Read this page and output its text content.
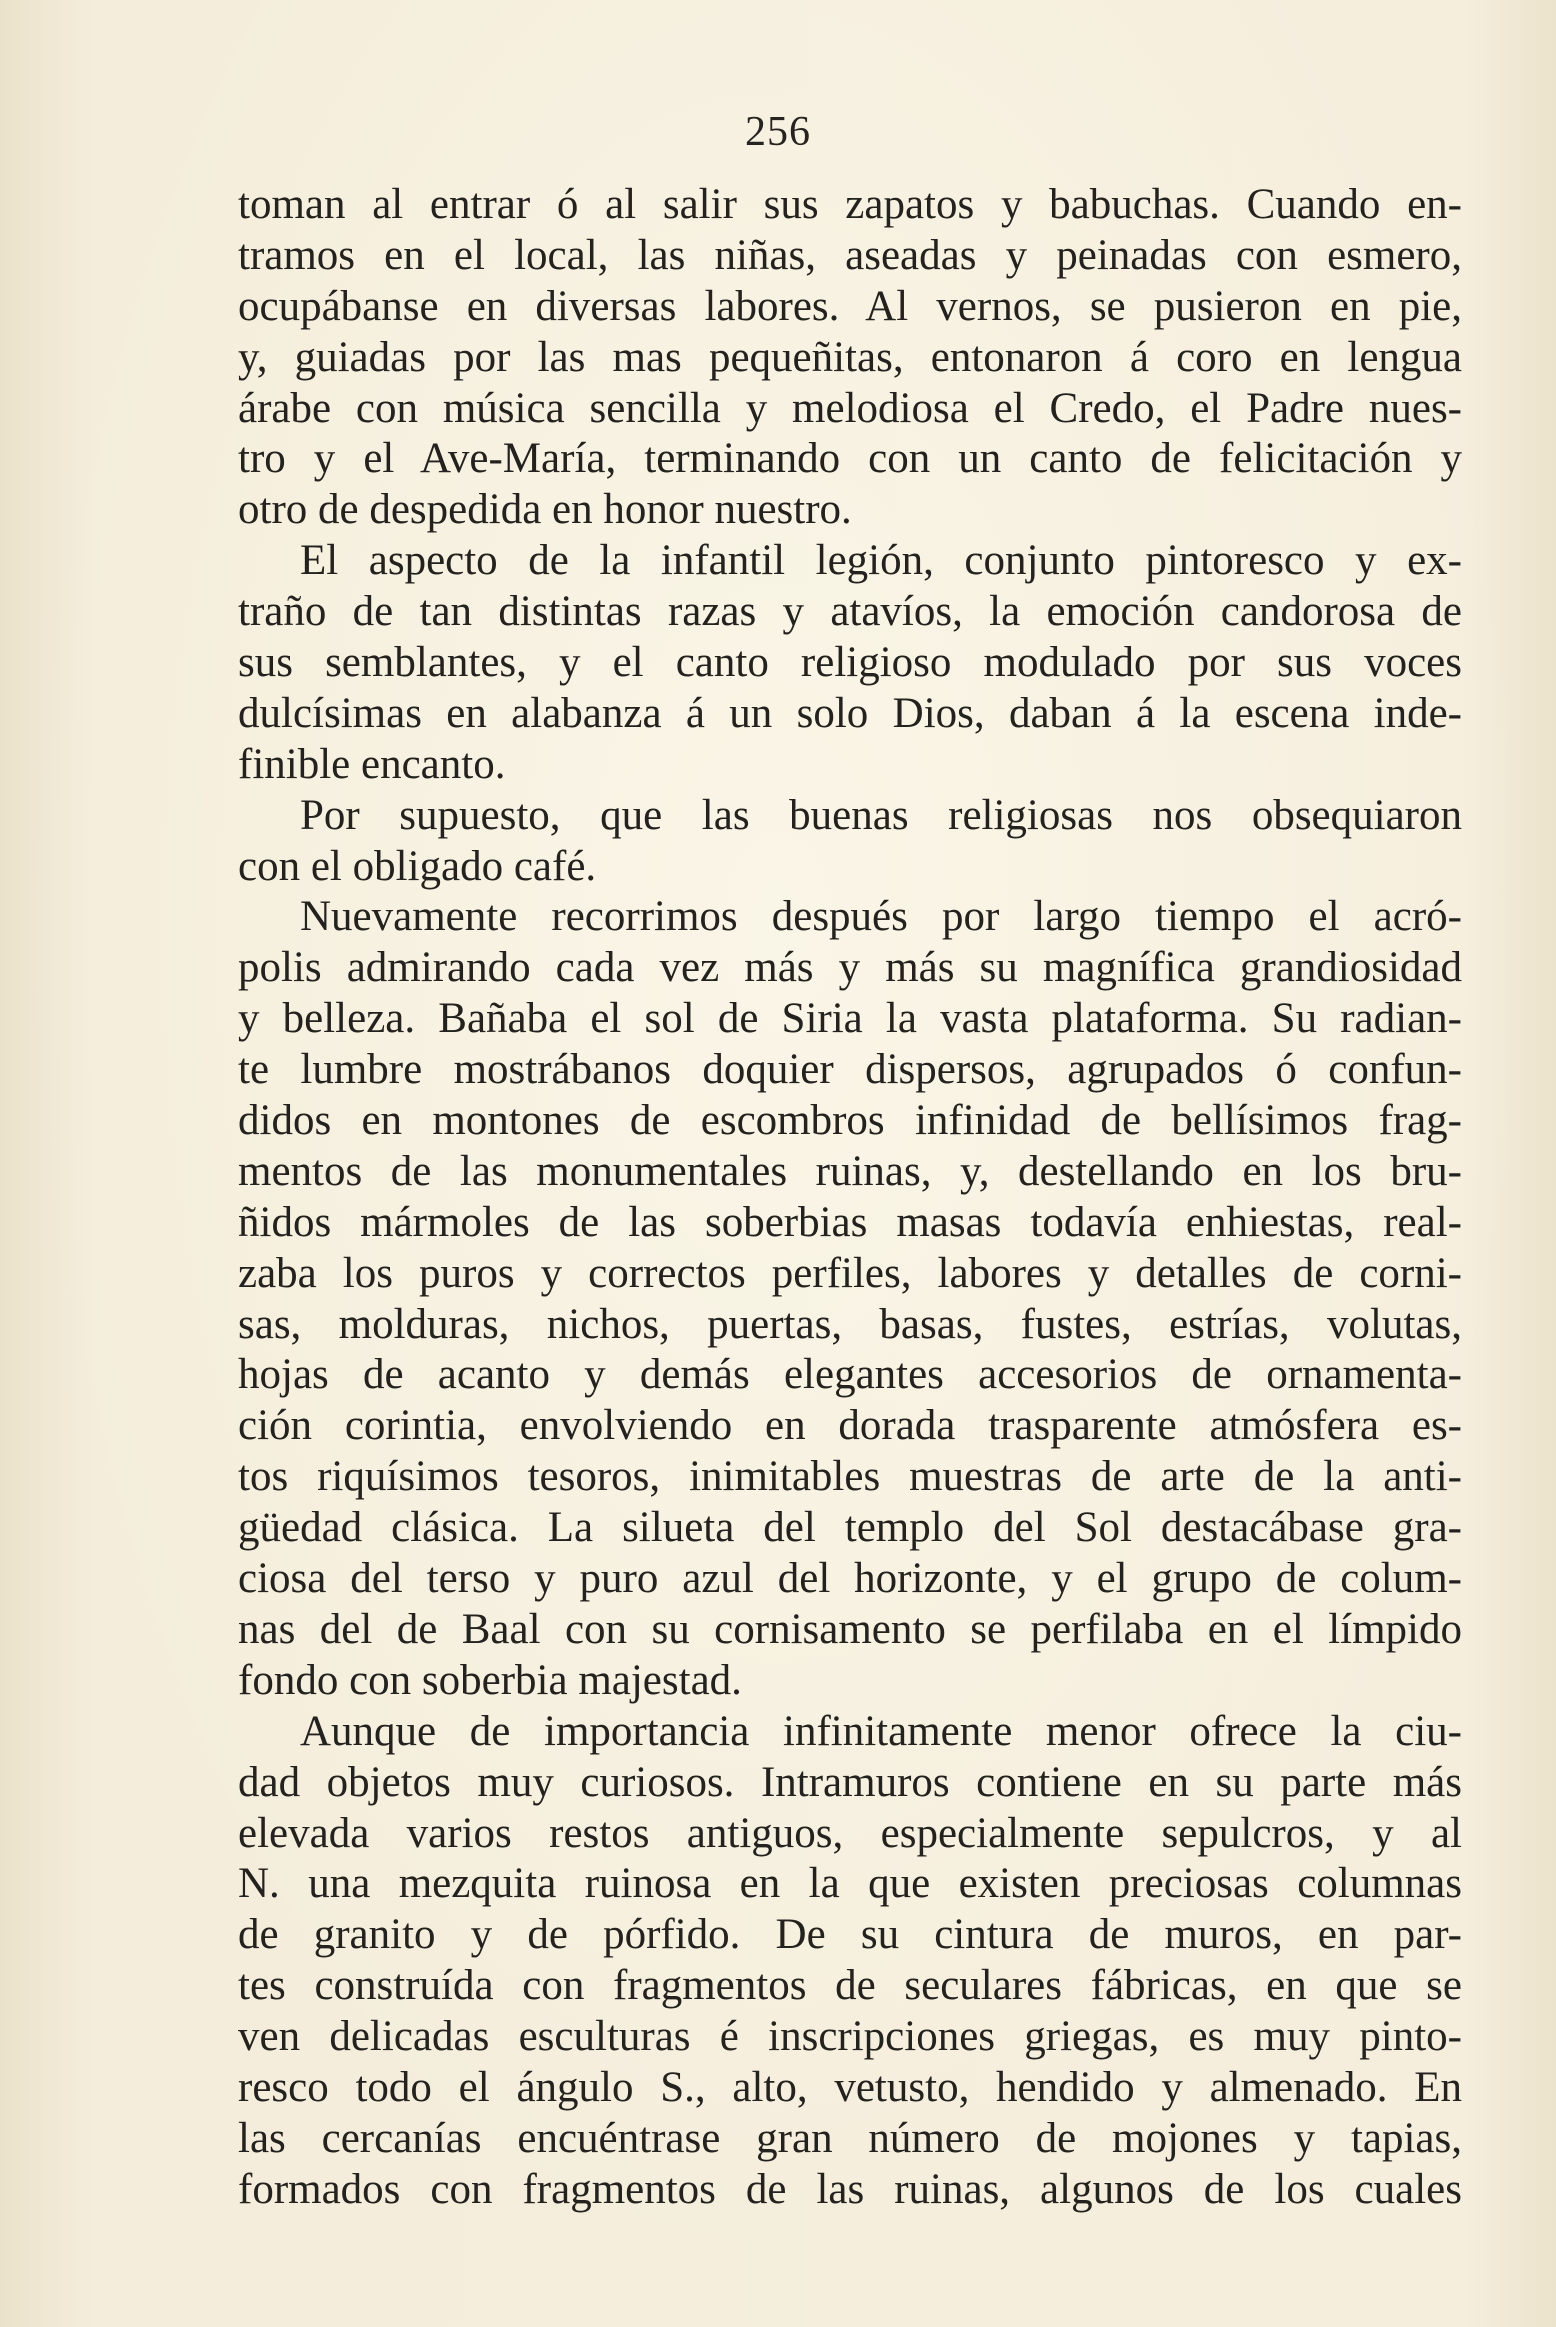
256
toman al entrar ó al salir sus zapatos y babuchas. Cuando en-
tramos en el local, las niñas, aseadas y peinadas con esmero,
ocupábanse en diversas labores. Al vernos, se pusieron en pie,
y, guiadas por las mas pequeñitas, entonaron á coro en lengua
árabe con música sencilla y melodiosa el Credo, el Padre nues-
tro y el Ave-María, terminando con un canto de felicitación y
otro de despedida en honor nuestro.
El aspecto de la infantil legión, conjunto pintoresco y ex-
traño de tan distintas razas y atavíos, la emoción candorosa de
sus semblantes, y el canto religioso modulado por sus voces
dulcísimas en alabanza á un solo Dios, daban á la escena inde-
finible encanto.
Por supuesto, que las buenas religiosas nos obsequiaron
con el obligado café.
Nuevamente recorrimos después por largo tiempo el acró-
polis admirando cada vez más y más su magnífica grandiosidad
y belleza. Bañaba el sol de Siria la vasta plataforma. Su radian-
te lumbre mostrábanos doquier dispersos, agrupados ó confun-
didos en montones de escombros infinidad de bellísimos frag-
mentos de las monumentales ruinas, y, destellando en los bru-
ñidos mármoles de las soberbias masas todavía enhiestas, real-
zaba los puros y correctos perfiles, labores y detalles de corni-
sas, molduras, nichos, puertas, basas, fustes, estrías, volutas,
hojas de acanto y demás elegantes accesorios de ornamenta-
ción corintia, envolviendo en dorada trasparente atmósfera es-
tos riquísimos tesoros, inimitables muestras de arte de la anti-
güedad clásica. La silueta del templo del Sol destacábase gra-
ciosa del terso y puro azul del horizonte, y el grupo de colum-
nas del de Baal con su cornisamento se perfilaba en el límpido
fondo con soberbia majestad.
Aunque de importancia infinitamente menor ofrece la ciu-
dad objetos muy curiosos. Intramuros contiene en su parte más
elevada varios restos antiguos, especialmente sepulcros, y al
N. una mezquita ruinosa en la que existen preciosas columnas
de granito y de pórfido. De su cintura de muros, en par-
tes construída con fragmentos de seculares fábricas, en que se
ven delicadas esculturas é inscripciones griegas, es muy pinto-
resco todo el ángulo S., alto, vetusto, hendido y almenado. En
las cercanías encuéntrase gran número de mojones y tapias,
formados con fragmentos de las ruinas, algunos de los cuales
